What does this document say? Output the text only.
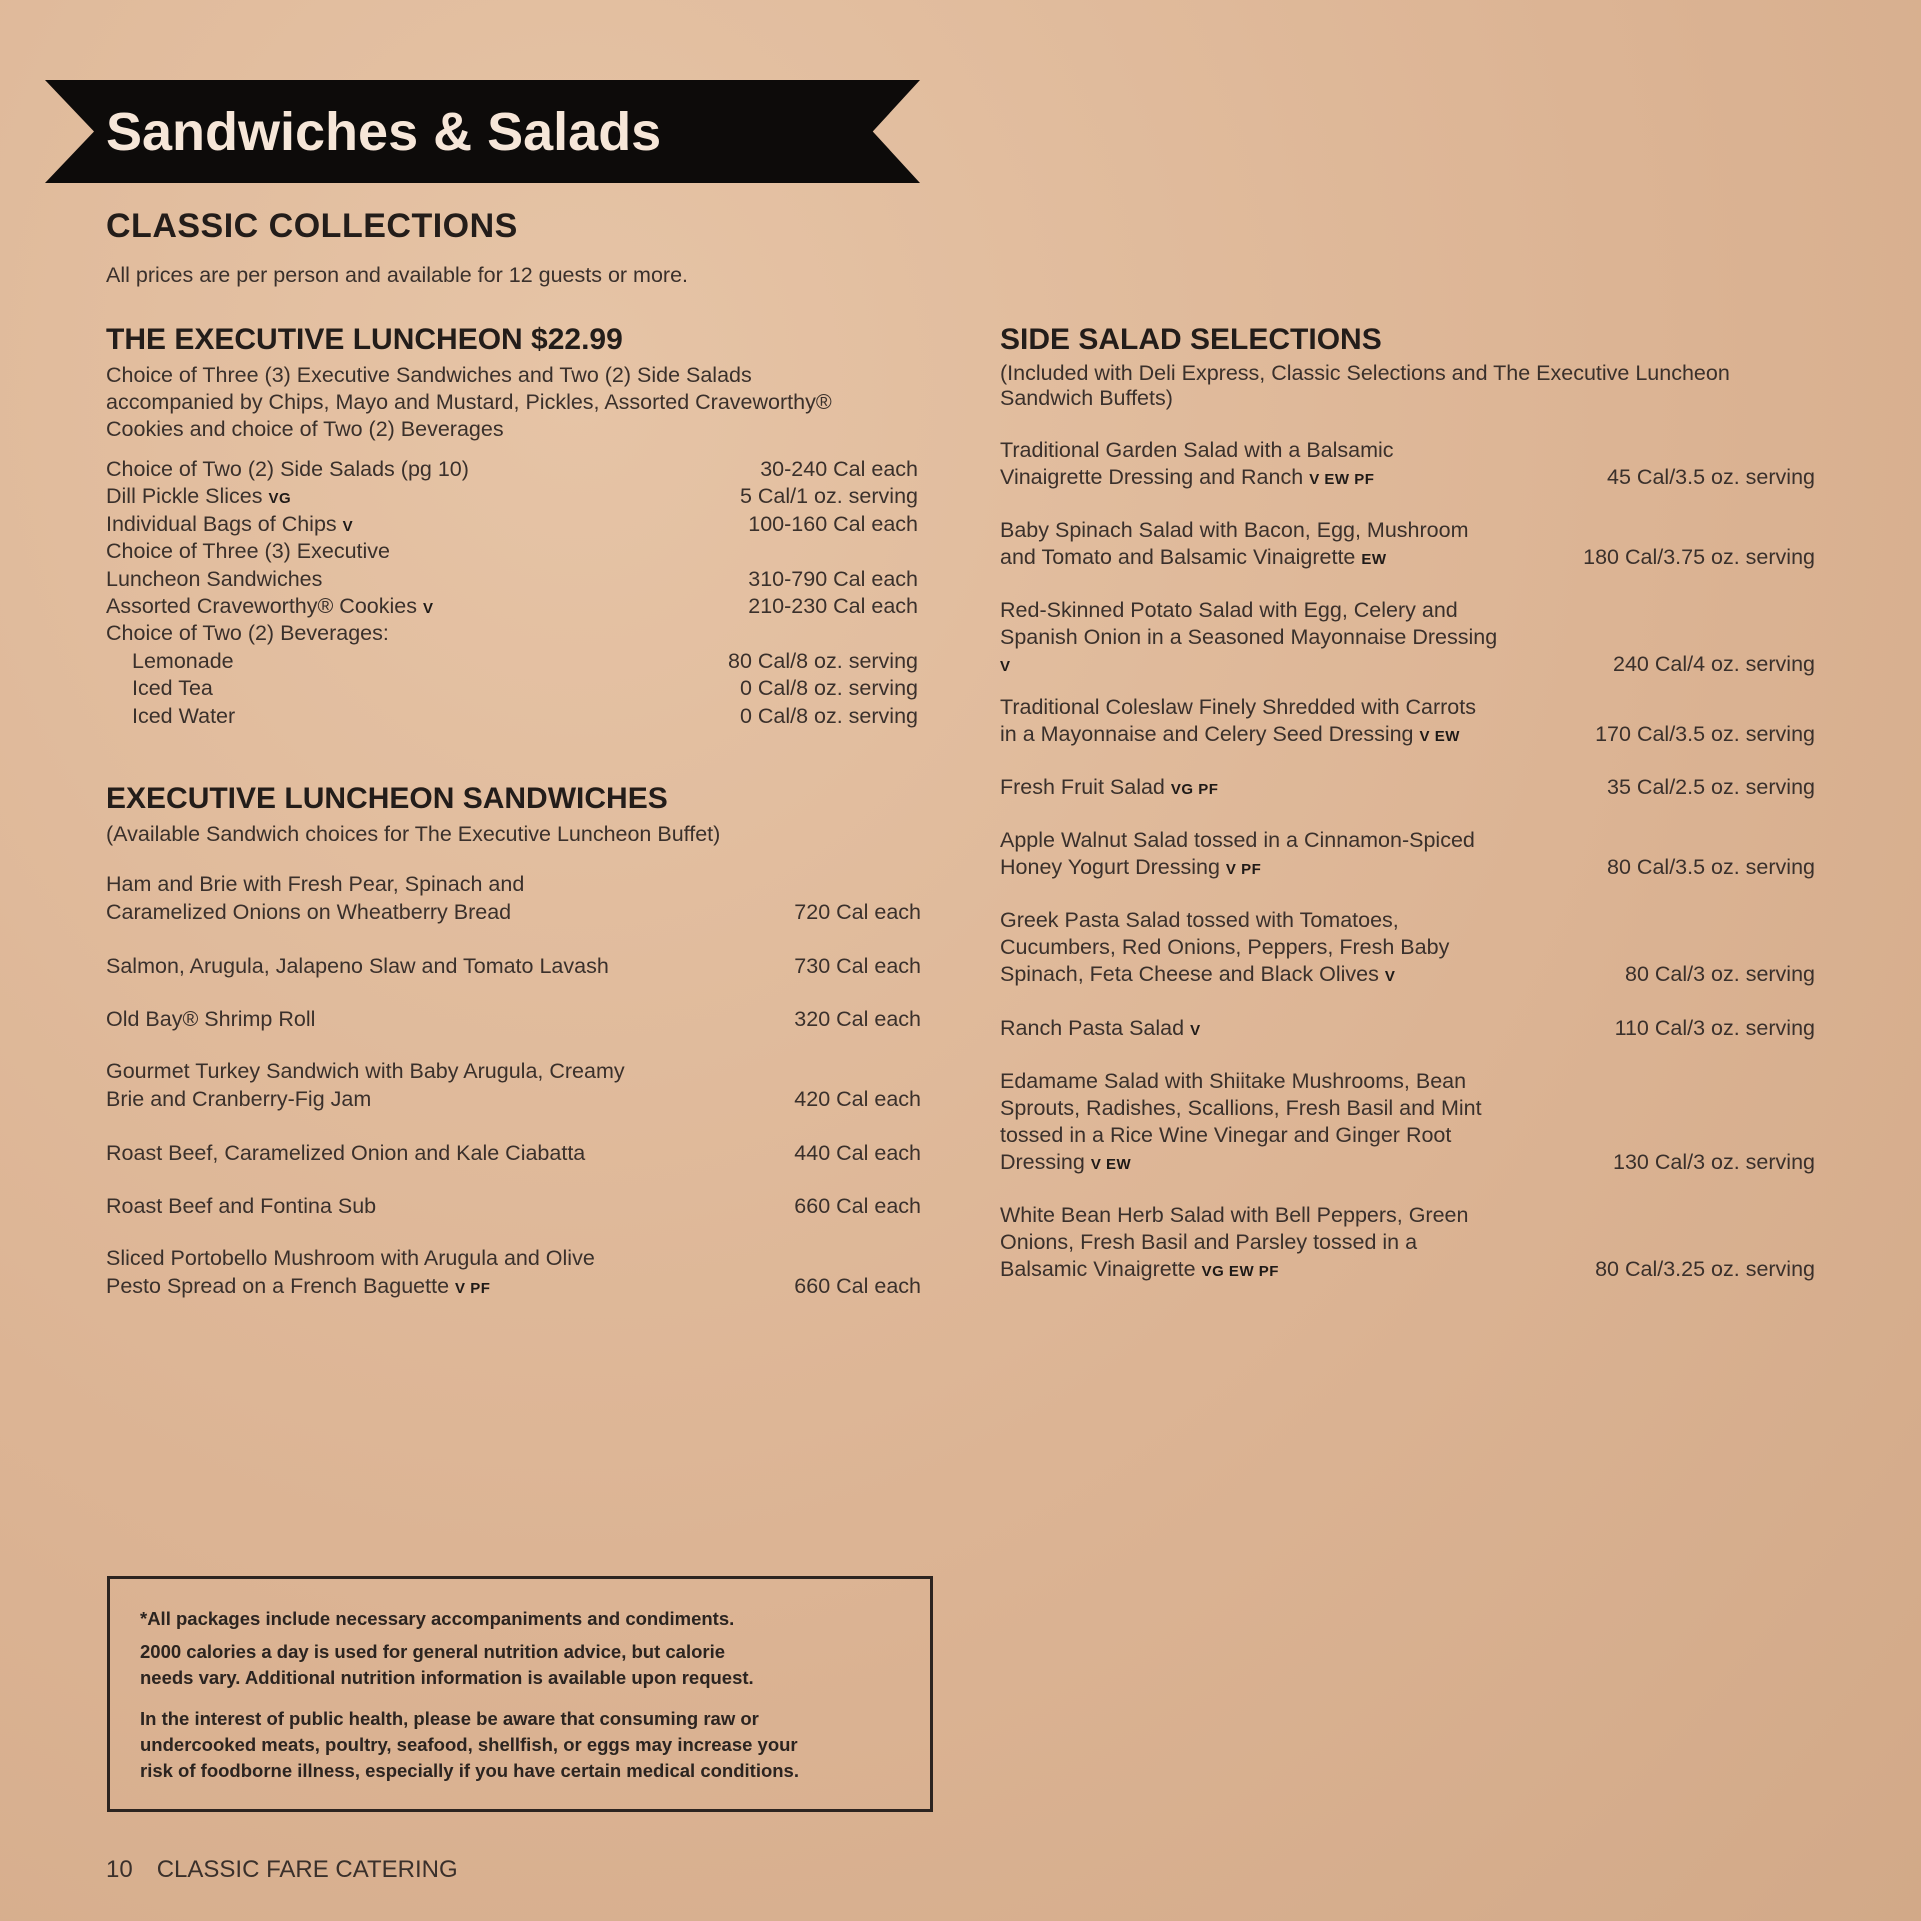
Sandwiches & Salads
CLASSIC COLLECTIONS
All prices are per person and available for 12 guests or more.
THE EXECUTIVE LUNCHEON $22.99
Choice of Three (3) Executive Sandwiches and Two (2) Side Salads
accompanied by Chips, Mayo and Mustard, Pickles, Assorted Craveworthy®
Cookies and choice of Two (2) Beverages
Choice of Two (2) Side Salads (pg 10)	30-240 Cal each
Dill Pickle Slices VG	5 Cal/1 oz. serving
Individual Bags of Chips V	100-160 Cal each
Choice of Three (3) Executive
Luncheon Sandwiches	310-790 Cal each
Assorted Craveworthy® Cookies V	210-230 Cal each
Choice of Two (2) Beverages:
Lemonade	80 Cal/8 oz. serving
Iced Tea	0 Cal/8 oz. serving
Iced Water	0 Cal/8 oz. serving
EXECUTIVE LUNCHEON SANDWICHES
(Available Sandwich choices for The Executive Luncheon Buffet)
Ham and Brie with Fresh Pear, Spinach and
Caramelized Onions on Wheatberry Bread	720 Cal each
Salmon, Arugula, Jalapeno Slaw and Tomato Lavash	730 Cal each
Old Bay® Shrimp Roll	320 Cal each
Gourmet Turkey Sandwich with Baby Arugula, Creamy
Brie and Cranberry-Fig Jam	420 Cal each
Roast Beef, Caramelized Onion and Kale Ciabatta	440 Cal each
Roast Beef and Fontina Sub	660 Cal each
Sliced Portobello Mushroom with Arugula and Olive
Pesto Spread on a French Baguette V PF	660 Cal each
SIDE SALAD SELECTIONS
(Included with Deli Express, Classic Selections and The Executive Luncheon
Sandwich Buffets)
Traditional Garden Salad with a Balsamic
Vinaigrette Dressing and Ranch V EW PF	45 Cal/3.5 oz. serving
Baby Spinach Salad with Bacon, Egg, Mushroom
and Tomato and Balsamic Vinaigrette EW	180 Cal/3.75 oz. serving
Red-Skinned Potato Salad with Egg, Celery and
Spanish Onion in a Seasoned Mayonnaise Dressing
V	240 Cal/4 oz. serving
Traditional Coleslaw Finely Shredded with Carrots
in a Mayonnaise and Celery Seed Dressing V EW	170 Cal/3.5 oz. serving
Fresh Fruit Salad VG PF	35 Cal/2.5 oz. serving
Apple Walnut Salad tossed in a Cinnamon-Spiced
Honey Yogurt Dressing V PF	80 Cal/3.5 oz. serving
Greek Pasta Salad tossed with Tomatoes,
Cucumbers, Red Onions, Peppers, Fresh Baby
Spinach, Feta Cheese and Black Olives V	80 Cal/3 oz. serving
Ranch Pasta Salad V	110 Cal/3 oz. serving
Edamame Salad with Shiitake Mushrooms, Bean
Sprouts, Radishes, Scallions, Fresh Basil and Mint
tossed in a Rice Wine Vinegar and Ginger Root
Dressing V EW	130 Cal/3 oz. serving
White Bean Herb Salad with Bell Peppers, Green
Onions, Fresh Basil and Parsley tossed in a
Balsamic Vinaigrette VG EW PF	80 Cal/3.25 oz. serving
*All packages include necessary accompaniments and condiments.
2000 calories a day is used for general nutrition advice, but calorie
needs vary. Additional nutrition information is available upon request.
In the interest of public health, please be aware that consuming raw or
undercooked meats, poultry, seafood, shellfish, or eggs may increase your
risk of foodborne illness, especially if you have certain medical conditions.
10 CLASSIC FARE CATERING
